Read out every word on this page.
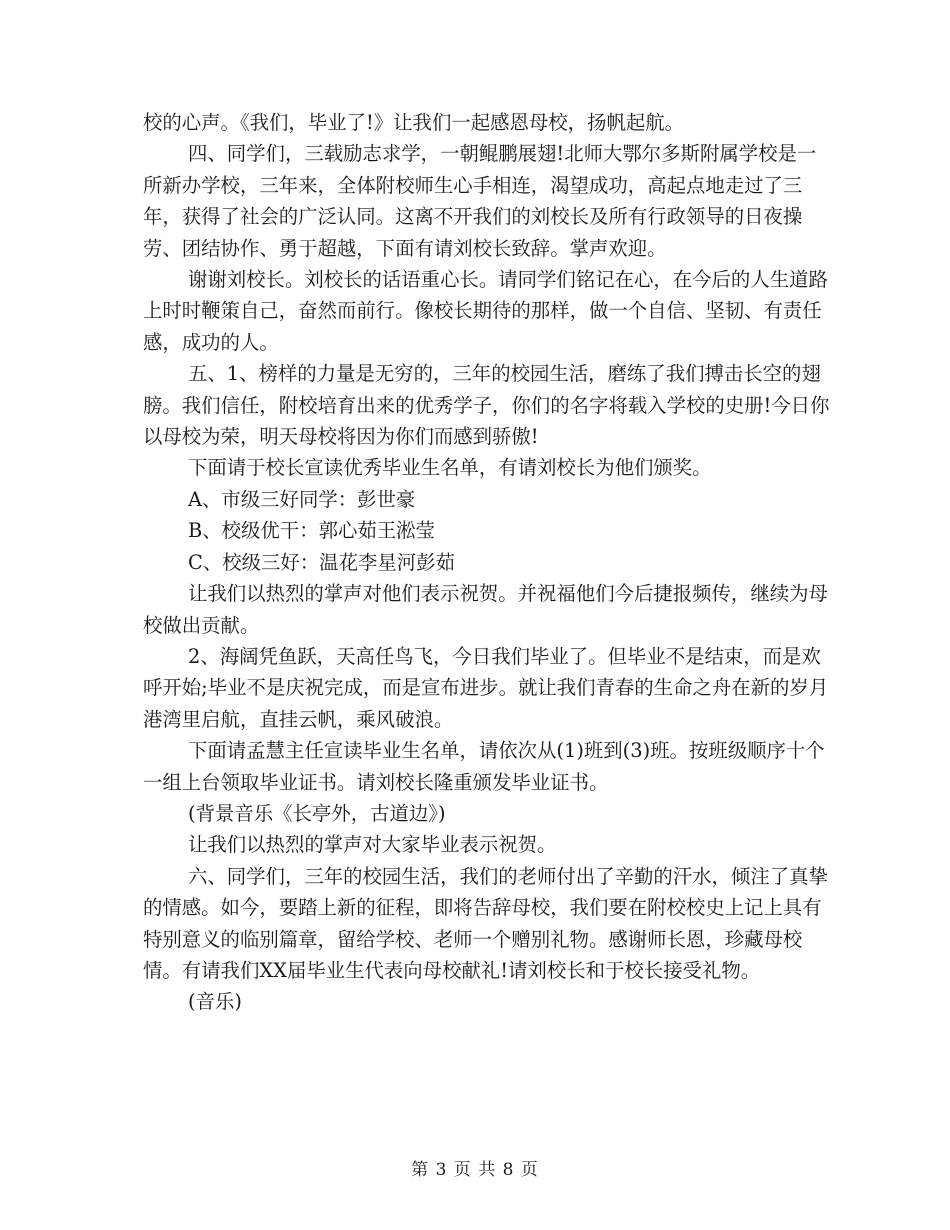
校的心声。《我们，毕业了!》让我们一起感恩母校，扬帆起航。

四、同学们，三载励志求学，一朝鲲鹏展翅!北师大鄂尔多斯附属学校是一所新办学校，三年来，全体附校师生心手相连，渴望成功，高起点地走过了三年，获得了社会的广泛认同。这离不开我们的刘校长及所有行政领导的日夜操劳、团结协作、勇于超越，下面有请刘校长致辞。掌声欢迎。

谢谢刘校长。刘校长的话语重心长。请同学们铭记在心，在今后的人生道路上时时鞭策自己，奋然而前行。像校长期待的那样，做一个自信、坚韧、有责任感，成功的人。

五、1、榜样的力量是无穷的，三年的校园生活，磨练了我们搏击长空的翅膀。我们信任，附校培育出来的优秀学子，你们的名字将载入学校的史册!今日你以母校为荣，明天母校将因为你们而感到骄傲!

下面请于校长宣读优秀毕业生名单，有请刘校长为他们颁奖。

A、市级三好同学：彭世豪

B、校级优干：郭心茹王淞莹

C、校级三好：温花李星河彭茹

让我们以热烈的掌声对他们表示祝贺。并祝福他们今后捷报频传，继续为母校做出贡献。

2、海阔凭鱼跃，天高任鸟飞，今日我们毕业了。但毕业不是结束，而是欢呼开始;毕业不是庆祝完成，而是宣布进步。就让我们青春的生命之舟在新的岁月港湾里启航，直挂云帆，乘风破浪。

下面请孟慧主任宣读毕业生名单，请依次从(1)班到(3)班。按班级顺序十个一组上台领取毕业证书。请刘校长隆重颁发毕业证书。

(背景音乐《长亭外，古道边》)

让我们以热烈的掌声对大家毕业表示祝贺。

六、同学们，三年的校园生活，我们的老师付出了辛勤的汗水，倾注了真挚的情感。如今，要踏上新的征程，即将告辞母校，我们要在附校校史上记上具有特别意义的临别篇章，留给学校、老师一个赠别礼物。感谢师长恩，珍藏母校情。有请我们XX届毕业生代表向母校献礼!请刘校长和于校长接受礼物。

(音乐)

第 3 页 共 8 页
